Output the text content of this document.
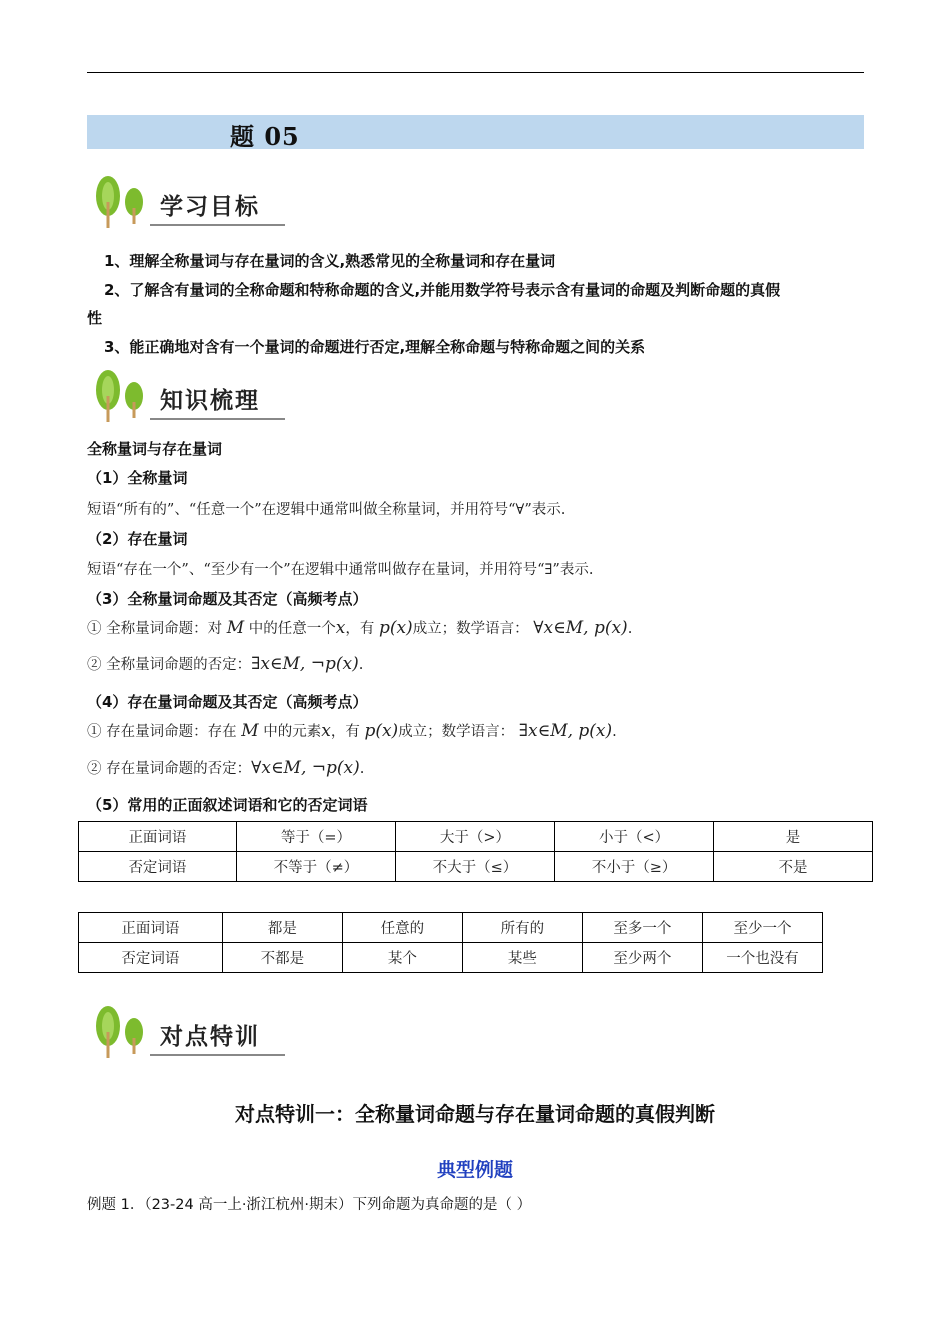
题 05
学习目标
1、理解全称量词与存在量词的含义,熟悉常见的全称量词和存在量词
2、了解含有量词的全称命题和特称命题的含义,并能用数学符号表示含有量词的命题及判断命题的真假
性
3、能正确地对含有一个量词的命题进行否定,理解全称命题与特称命题之间的关系
知识梳理
全称量词与存在量词
（1）全称量词
短语“所有的”、“任意一个”在逻辑中通常叫做全称量词，并用符号“∀”表示.
（2）存在量词
短语“存在一个”、“至少有一个”在逻辑中通常叫做存在量词，并用符号“∃”表示.
（3）全称量词命题及其否定（高频考点）
① 全称量词命题：对 M 中的任意一个x，有 p(x)成立；数学语言： ∀x∈M, p(x).
② 全称量词命题的否定：∃x∈M, ¬p(x).
（4）存在量词命题及其否定（高频考点）
① 存在量词命题：存在 M 中的元素x，有 p(x)成立；数学语言： ∃x∈M, p(x).
② 存在量词命题的否定：∀x∈M, ¬p(x).
（5）常用的正面叙述词语和它的否定词语
正面词语	等于（=）	大于（>）	小于（<）	是
否定词语	不等于（≠）	不大于（≤）	不小于（≥）	不是
正面词语	都是	任意的	所有的	至多一个	至少一个
否定词语	不都是	某个	某些	至少两个	一个也没有
对点特训
对点特训一：全称量词命题与存在量词命题的真假判断
典型例题
例题 1．（23-24 高一上·浙江杭州·期末）下列命题为真命题的是（ ）
